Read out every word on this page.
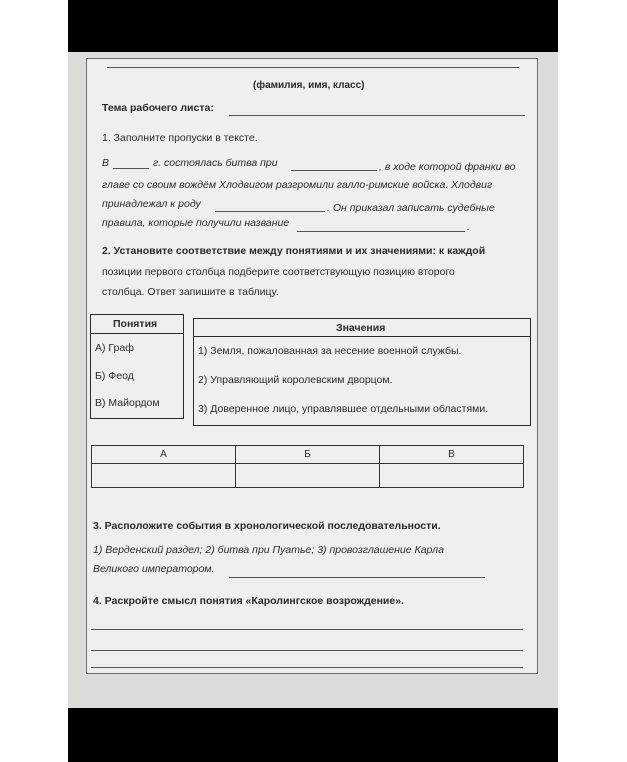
(фамилия, имя, класс)
Тема рабочего листа:
1. Заполните пропуски в тексте.
В	г. состоялась битва при	, в ходе которой франки во
главе со своим вождём Хлодвигом разгромили галло-римские войска. Хлодвиг
принадлежал к роду	. Он приказал записать судебные
правила, которые получили название	.
2. Установите соответствие между понятиями и их значениями: к каждой
позиции первого столбца подберите соответствующую позицию второго
столбца. Ответ запишите в таблицу.
Понятия
А) Граф
Б) Феод
В) Майордом
Значения
1) Земля, пожалованная за несение военной службы.
2) Управляющий королевским дворцом.
3) Доверенное лицо, управлявшее отдельными областями.
А	Б	В

3. Расположите события в хронологической последовательности.
1) Верденский раздел; 2) битва при Пуатье; 3) провозглашение Карла
Великого императором.
4. Раскройте смысл понятия «Каролингское возрождение».
